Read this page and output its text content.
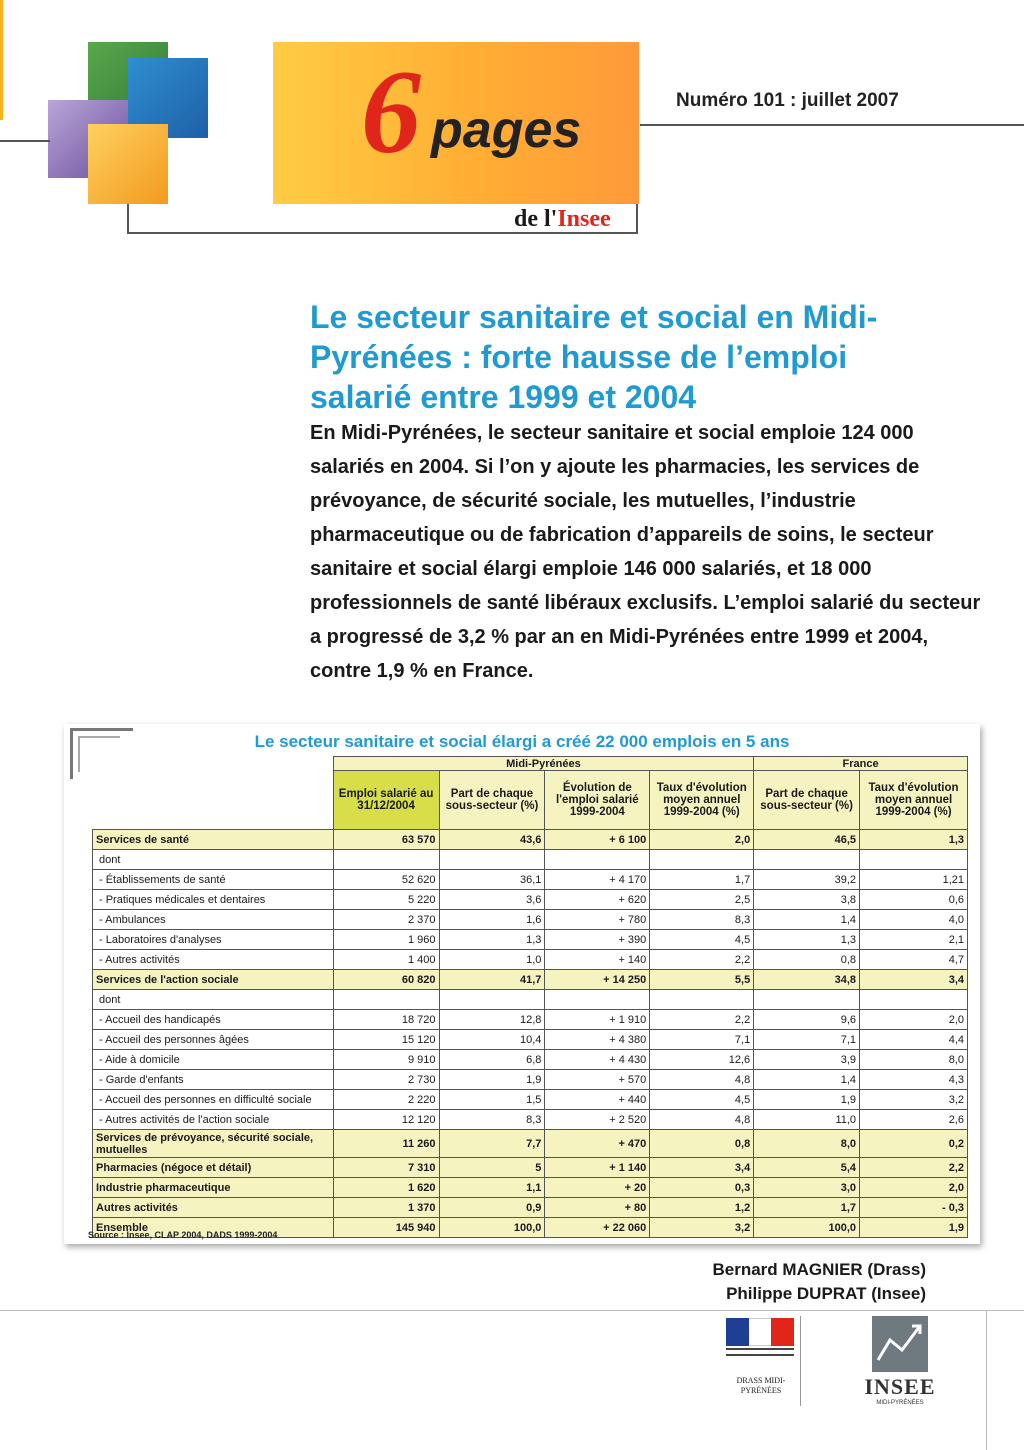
6 pages
de l'Insee
Numéro 101 : juillet 2007
Le secteur sanitaire et social en Midi-Pyrénées : forte hausse de l’emploi salarié entre 1999 et 2004

En Midi-Pyrénées, le secteur sanitaire et social emploie 124 000 salariés en 2004. Si l’on y ajoute les pharmacies, les services de prévoyance, de sécurité sociale, les mutuelles, l’industrie pharmaceutique ou de fabrication d’appareils de soins, le secteur sanitaire et social élargi emploie 146 000 salariés, et 18 000 professionnels de santé libéraux exclusifs. L’emploi salarié du secteur a progressé de 3,2 % par an en Midi-Pyrénées entre 1999 et 2004, contre 1,9 % en France.

Le secteur sanitaire et social élargi a créé 22 000 emplois en 5 ans
	Midi-Pyrénées				France	
	Emploi salarié au 31/12/2004	Part de chaque sous-secteur (%)	Évolution de l'emploi salarié 1999-2004	Taux d'évolution moyen annuel 1999-2004 (%)	Part de chaque sous-secteur (%)	Taux d'évolution moyen annuel 1999-2004 (%)
Services de santé	63 570	43,6	+ 6 100	2,0	46,5	1,3
dont						
- Établissements de santé	52 620	36,1	+ 4 170	1,7	39,2	1,21
- Pratiques médicales et dentaires	5 220	3,6	+ 620	2,5	3,8	0,6
- Ambulances	2 370	1,6	+ 780	8,3	1,4	4,0
- Laboratoires d'analyses	1 960	1,3	+ 390	4,5	1,3	2,1
- Autres activités	1 400	1,0	+ 140	2,2	0,8	4,7
Services de l'action sociale	60 820	41,7	+ 14 250	5,5	34,8	3,4
dont						
- Accueil des handicapés	18 720	12,8	+ 1 910	2,2	9,6	2,0
- Accueil des personnes âgées	15 120	10,4	+ 4 380	7,1	7,1	4,4
- Aide à domicile	9 910	6,8	+ 4 430	12,6	3,9	8,0
- Garde d'enfants	2 730	1,9	+ 570	4,8	1,4	4,3
- Accueil des personnes en difficulté sociale	2 220	1,5	+ 440	4,5	1,9	3,2
- Autres activités de l'action sociale	12 120	8,3	+ 2 520	4,8	11,0	2,6
Services de prévoyance, sécurité sociale, mutuelles	11 260	7,7	+ 470	0,8	8,0	0,2
Pharmacies (négoce et détail)	7 310	5	+ 1 140	3,4	5,4	2,2
Industrie pharmaceutique	1 620	1,1	+ 20	0,3	3,0	2,0
Autres activités	1 370	0,9	+ 80	1,2	1,7	- 0,3
Ensemble	145 940	100,0	+ 22 060	3,2	100,0	1,9
Source : Insee, CLAP 2004, DADS 1999-2004
Bernard MAGNIER (Drass)
Philippe DUPRAT (Insee)
DRASS MIDI-PYRÉNÉES	INSEE
MIDI-PYRÉNÉES
